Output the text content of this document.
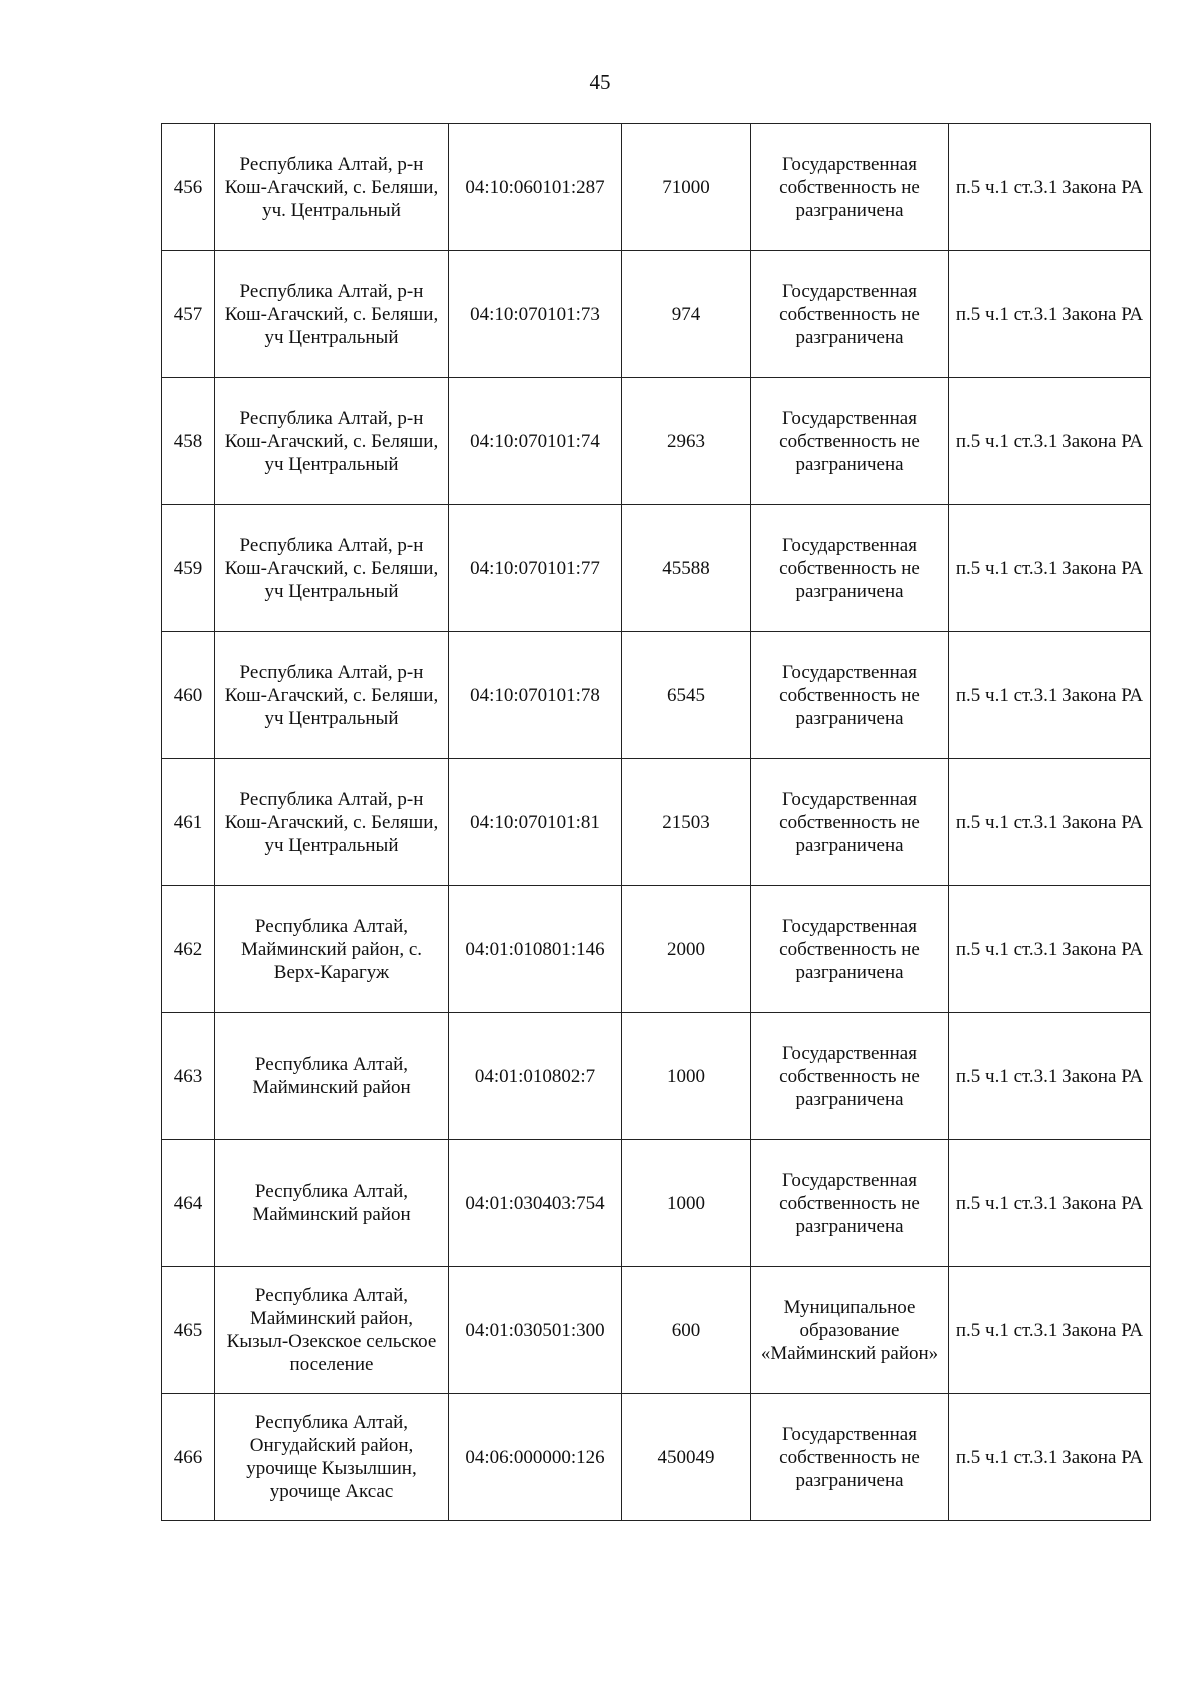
45
456	Республика Алтай, р-н Кош-Агачский, с. Беляши, уч. Центральный	04:10:060101:287	71000	Государственная собственность не разграничена	п.5 ч.1 ст.3.1 Закона РА
457	Республика Алтай, р-н Кош-Агачский, с. Беляши, уч Центральный	04:10:070101:73	974	Государственная собственность не разграничена	п.5 ч.1 ст.3.1 Закона РА
458	Республика Алтай, р-н Кош-Агачский, с. Беляши, уч Центральный	04:10:070101:74	2963	Государственная собственность не разграничена	п.5 ч.1 ст.3.1 Закона РА
459	Республика Алтай, р-н Кош-Агачский, с. Беляши, уч Центральный	04:10:070101:77	45588	Государственная собственность не разграничена	п.5 ч.1 ст.3.1 Закона РА
460	Республика Алтай, р-н Кош-Агачский, с. Беляши, уч Центральный	04:10:070101:78	6545	Государственная собственность не разграничена	п.5 ч.1 ст.3.1 Закона РА
461	Республика Алтай, р-н Кош-Агачский, с. Беляши, уч Центральный	04:10:070101:81	21503	Государственная собственность не разграничена	п.5 ч.1 ст.3.1 Закона РА
462	Республика Алтай, Майминский район, с. Верх-Карагуж	04:01:010801:146	2000	Государственная собственность не разграничена	п.5 ч.1 ст.3.1 Закона РА
463	Республика Алтай, Майминский район	04:01:010802:7	1000	Государственная собственность не разграничена	п.5 ч.1 ст.3.1 Закона РА
464	Республика Алтай, Майминский район	04:01:030403:754	1000	Государственная собственность не разграничена	п.5 ч.1 ст.3.1 Закона РА
465	Республика Алтай, Майминский район, Кызыл-Озекское сельское поселение	04:01:030501:300	600	Муниципальное образование «Майминский район»	п.5 ч.1 ст.3.1 Закона РА
466	Республика Алтай, Онгудайский район, урочище Кызылшин, урочище Аксас	04:06:000000:126	450049	Государственная собственность не разграничена	п.5 ч.1 ст.3.1 Закона РА
